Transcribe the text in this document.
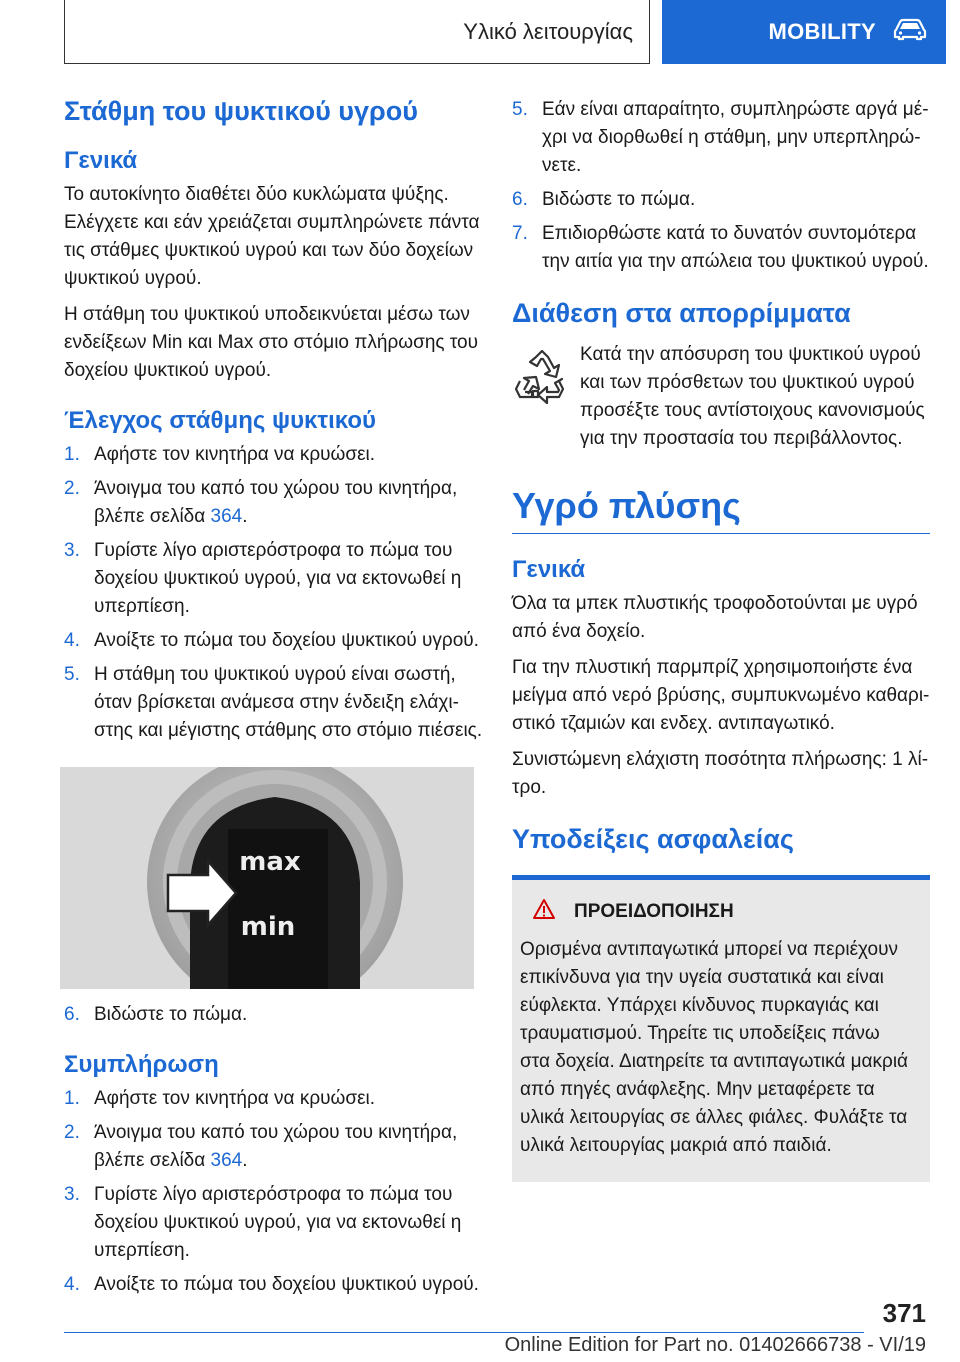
Υλικό λειτουργίας	MOBILITY
Στάθμη του ψυκτικού υγρού
Γενικά

Το αυτοκίνητο διαθέτει δύο κυκλώματα ψύξης. Ελέγχετε και εάν χρειάζεται συμπληρώνετε πάντα τις στάθμες ψυκτικού υγρού και των δύο δοχείων ψυκτικού υγρού.

Η στάθμη του ψυκτικού υποδεικνύεται μέσω των ενδείξεων Min και Max στο στόμιο πλήρωσης του δοχείου ψυκτικού υγρού.

Έλεγχος στάθμης ψυκτικού
1. Αφήστε τον κινητήρα να κρυώσει.
2. Άνοιγμα του καπό του χώρου του κινητήρα, βλέπε σελίδα 364.
3. Γυρίστε λίγο αριστερόστροφα το πώμα του δοχείου ψυκτικού υγρού, για να εκτονωθεί η υπερπίεση.
4. Ανοίξτε το πώμα του δοχείου ψυκτικού υγρού.
5. Η στάθμη του ψυκτικού υγρού είναι σωστή, όταν βρίσκεται ανάμεσα στην ένδειξη ελάχιστης και μέγιστης στάθμης στο στόμιο πιέσεις.
max
min
6. Βιδώστε το πώμα.
Συμπλήρωση
1. Αφήστε τον κινητήρα να κρυώσει.
2. Άνοιγμα του καπό του χώρου του κινητήρα, βλέπε σελίδα 364.
3. Γυρίστε λίγο αριστερόστροφα το πώμα του δοχείου ψυκτικού υγρού, για να εκτονωθεί η υπερπίεση.
4. Ανοίξτε το πώμα του δοχείου ψυκτικού υγρού.
5. Εάν είναι απαραίτητο, συμπληρώστε αργά μέχρι να διορθωθεί η στάθμη, μην υπερπληρώνετε.
6. Βιδώστε το πώμα.
7. Επιδιορθώστε κατά το δυνατόν συντομότερα την αιτία για την απώλεια του ψυκτικού υγρού.
Διάθεση στα απορρίμματα

Κατά την απόσυρση του ψυκτικού υγρού και των πρόσθετων του ψυκτικού υγρού προσέξτε τους αντίστοιχους κανονισμούς για την προστασία του περιβάλλοντος.

Υγρό πλύσης
Γενικά

Όλα τα μπεκ πλυστικής τροφοδοτούνται με υγρό από ένα δοχείο.

Για την πλυστική παρμπρίζ χρησιμοποιήστε ένα μείγμα από νερό βρύσης, συμπυκνωμένο καθαριστικό τζαμιών και ενδεχ. αντιπαγωτικό.

Συνιστώμενη ελάχιστη ποσότητα πλήρωσης: 1 λίτρο.

Υποδείξεις ασφαλείας
ΠΡΟΕΙΔΟΠΟΙΗΣΗ

Ορισμένα αντιπαγωτικά μπορεί να περιέχουν επικίνδυνα για την υγεία συστατικά και είναι εύφλεκτα. Υπάρχει κίνδυνος πυρκαγιάς και τραυματισμού. Τηρείτε τις υποδείξεις πάνω στα δοχεία. Διατηρείτε τα αντιπαγωτικά μακριά από πηγές ανάφλεξης. Μην μεταφέρετε τα υλικά λειτουργίας σε άλλες φιάλες. Φυλάξτε τα υλικά λειτουργίας μακριά από παιδιά.

371
Online Edition for Part no. 01402666738 - VI/19
